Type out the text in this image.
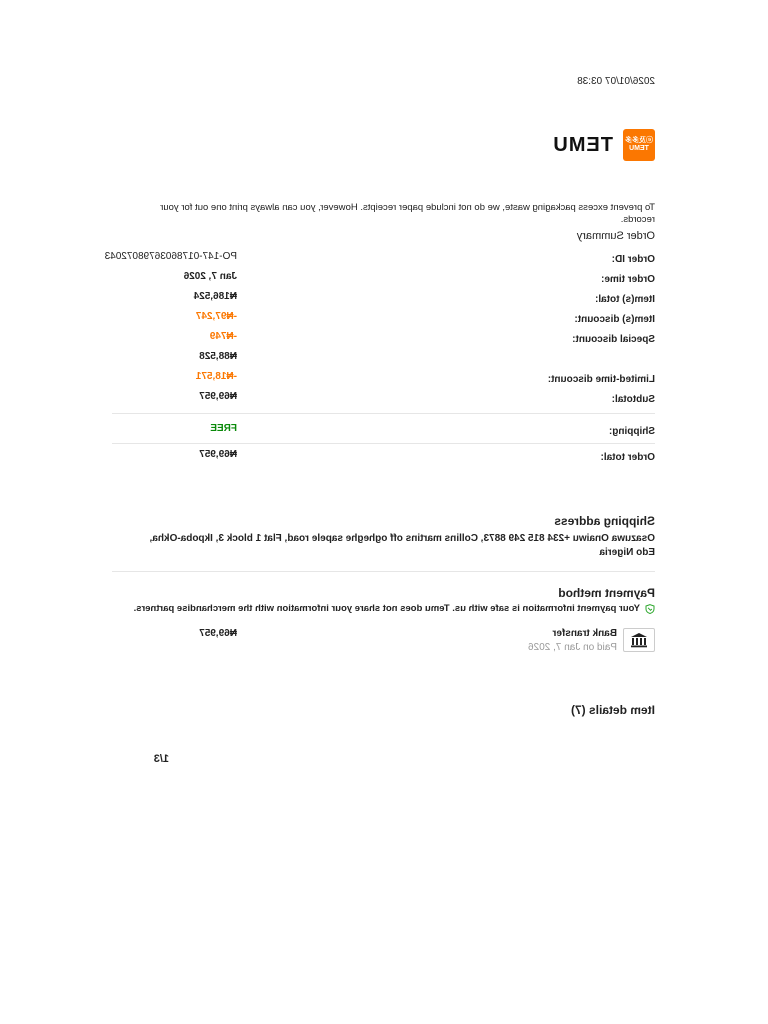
2026/01/07 03:38
ⓔ及多多
TEMU
TEMU
To prevent excess packaging waste, we do not include paper receipts. However, you can always print one out for your records.
Order Summary
Order ID:
PO-147-01786036798072043
Order time:
Jan 7, 2026
Item(s) total:
₦186,524
Item(s) discount:
-₦97,247
Special discount:
-₦749
₦88,528
Limited-time discount:
-₦18,571
Subtotal:
₦69,957
Shipping:
FREE
Order total:
₦69,957
Shipping address
Osazuwa Onaiwu +234 815 249 8873, Collins martins off ogheghe sapele road, Flat 1 block 3, Ikpoba-Okha, Edo Nigeria
Payment method
Your payment information is safe with us. Temu does not share your information with the merchandise partners.
Bank transfer
Paid on Jan 7, 2026
₦69,957
Item details (7)
1/3
